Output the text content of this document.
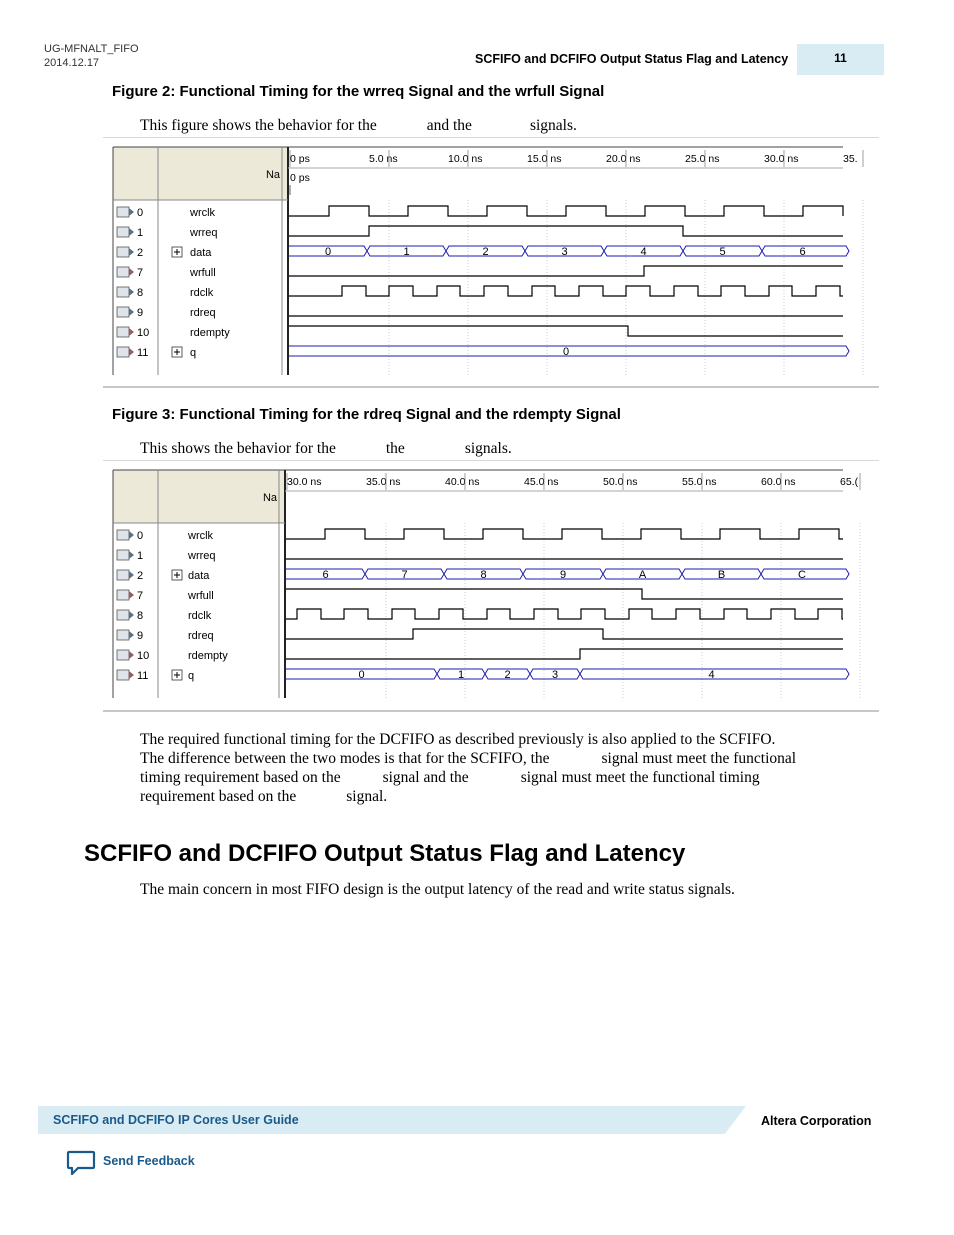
UG-MFNALT_FIFO
2014.12.17	SCFIFO and DCFIFO Output Status Flag and Latency	11
Figure 2: Functional Timing for the wrreq Signal and the wrfull Signal
This figure shows the behavior for the	and the	signals.
Na
0 ps	5.0 ns	10.0 ns	15.0 ns	20.0 ns	25.0 ns	30.0 ns	35.
0 ps
0	wrclk
1	wrreq
2	data
7	wrfull
8	rdclk
9	rdreq
10	rdempty
11	q
0	1	2	3	4	5	6
0
Figure 3: Functional Timing for the rdreq Signal and the rdempty Signal
This shows the behavior for the	the	signals.
Na
30.0 ns	35.0 ns	40.0 ns	45.0 ns	50.0 ns	55.0 ns	60.0 ns	65.(
0	wrclk
1	wrreq
2	data
7	wrfull
8	rdclk
9	rdreq
10	rdempty
11	q
6	7	8	9	A	B	C
0	1	2	3	4
The required functional timing for the DCFIFO as described previously is also applied to the SCFIFO.
The difference between the two modes is that for the SCFIFO, the	signal must meet the functional
timing requirement based on the	signal and the	signal must meet the functional timing
requirement based on the	signal.
SCFIFO and DCFIFO Output Status Flag and Latency
The main concern in most FIFO design is the output latency of the read and write status signals.
SCFIFO and DCFIFO IP Cores User Guide	Altera Corporation
Send Feedback
